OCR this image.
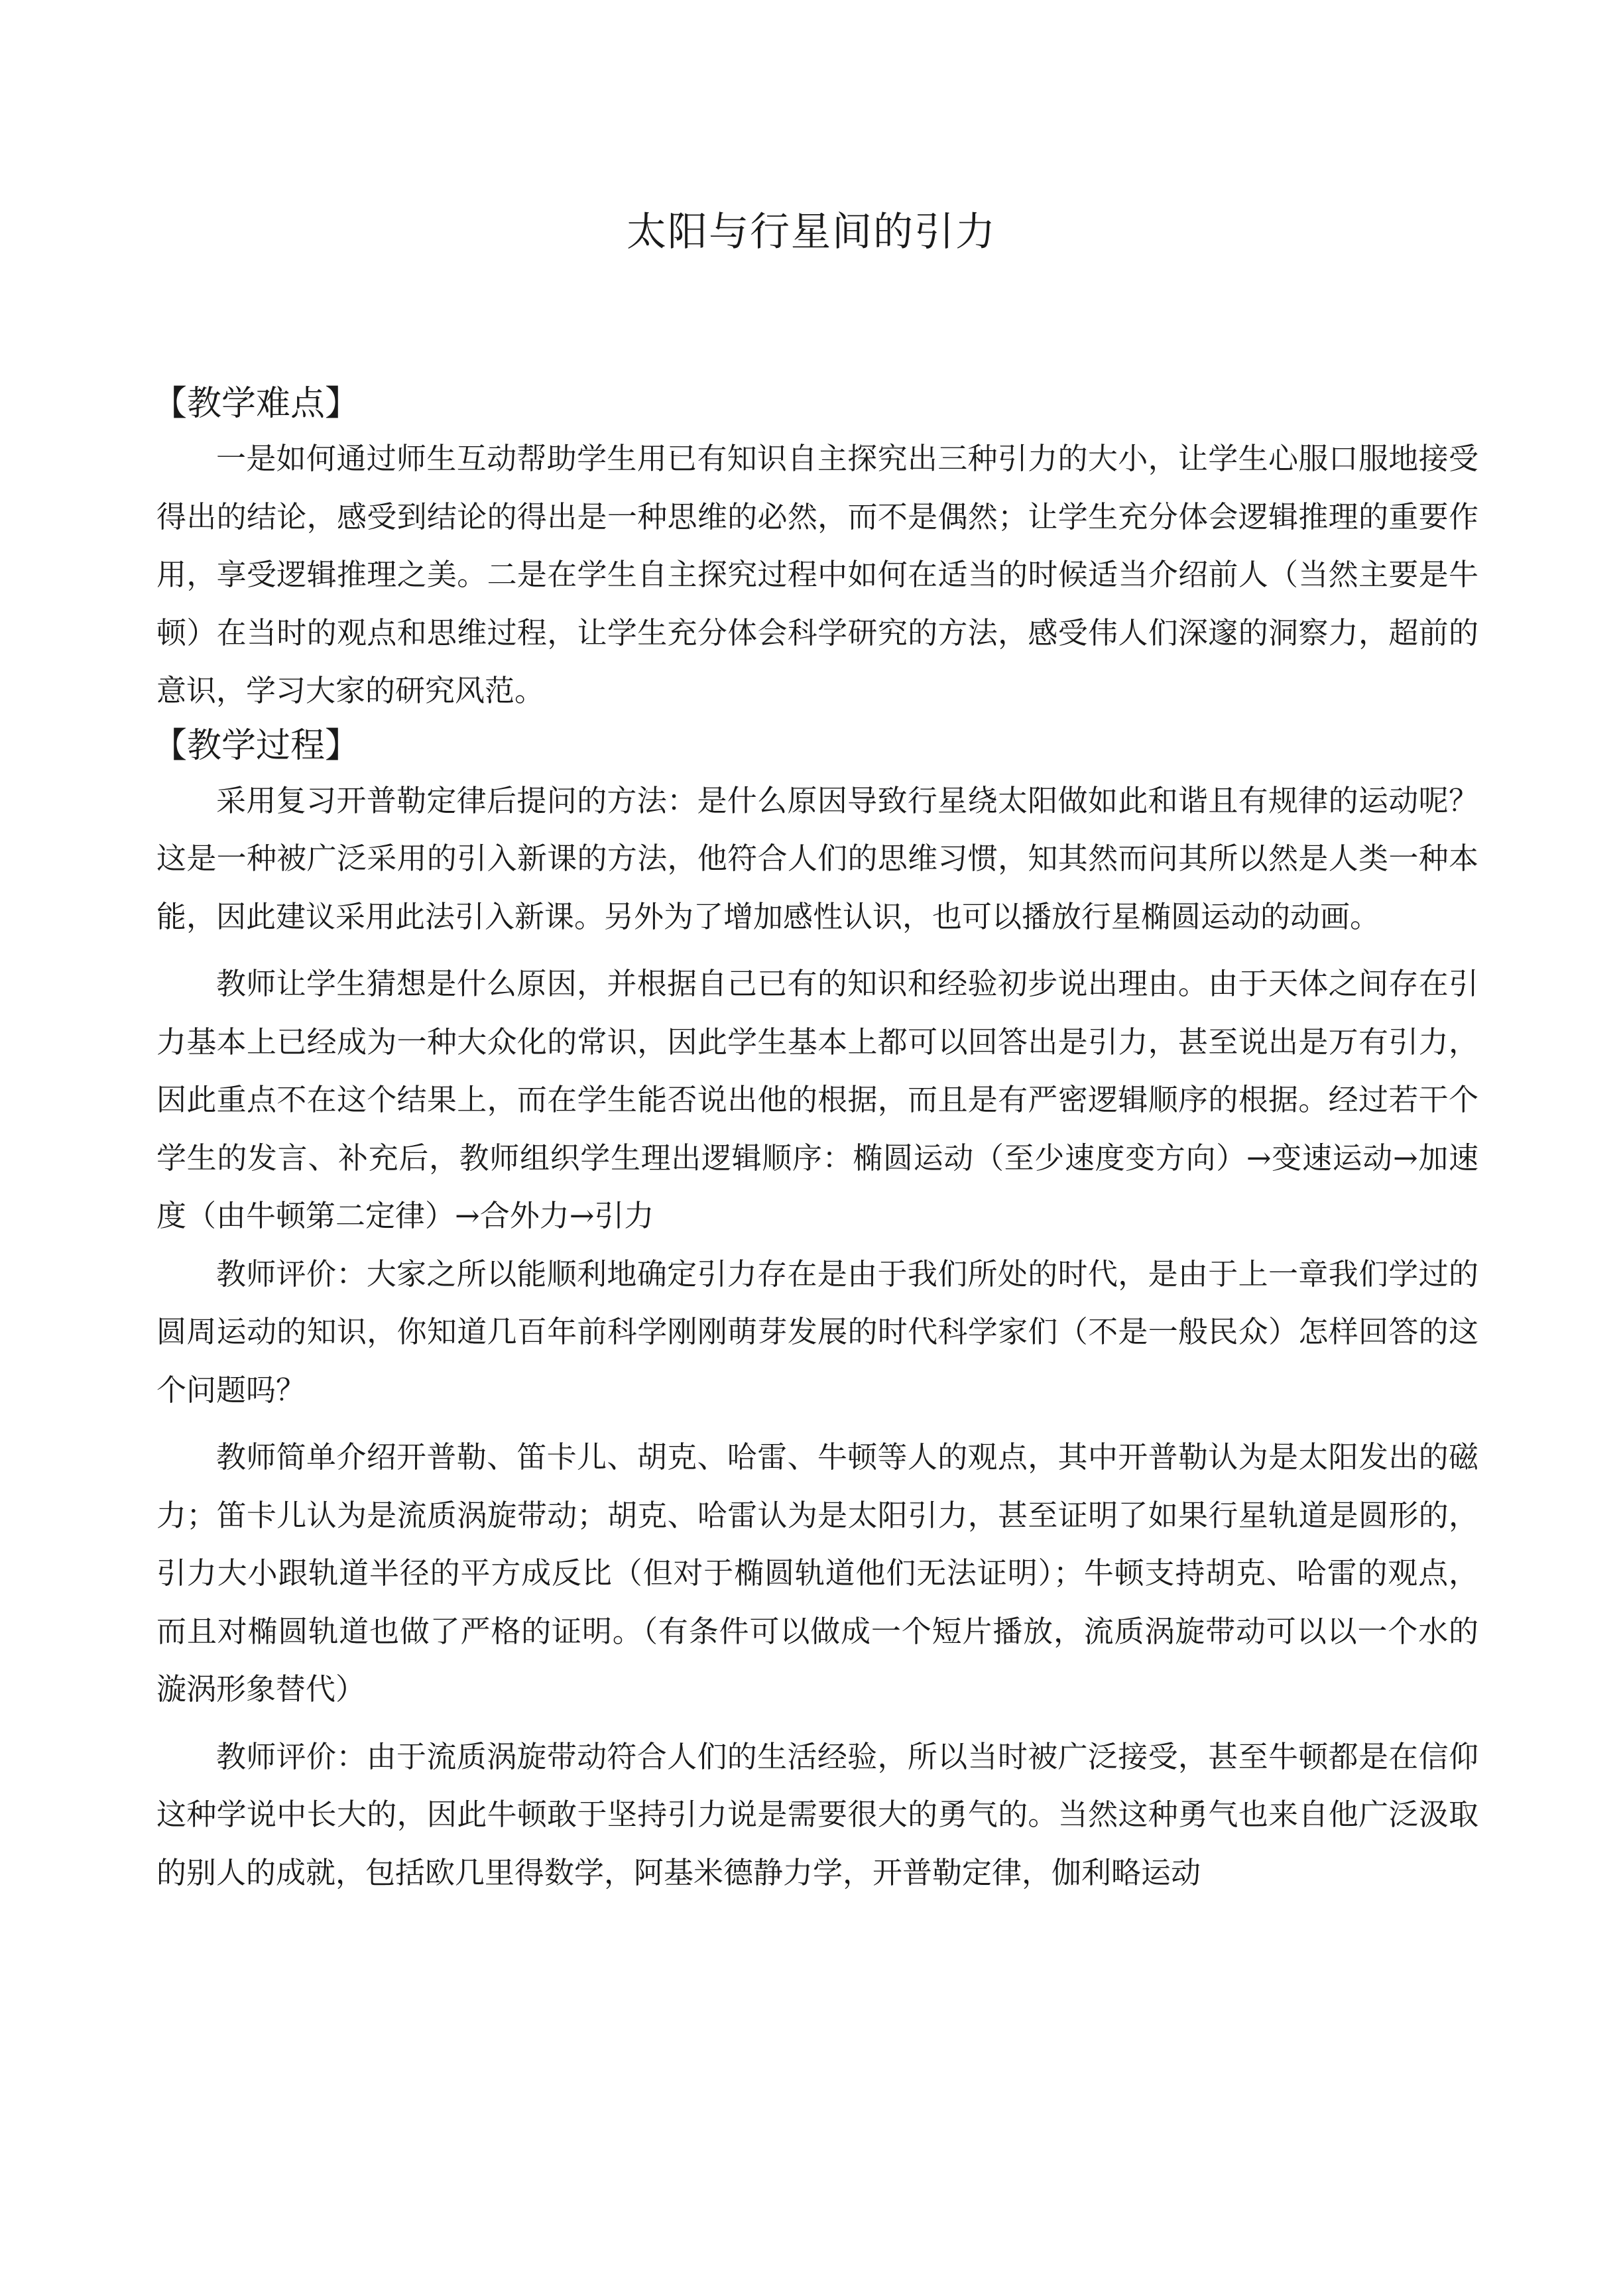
太阳与行星间的引力
【教学难点】

一是如何通过师生互动帮助学生用已有知识自主探究出三种引力的大小，让学生心服口服地接受得出的结论，感受到结论的得出是一种思维的必然，而不是偶然；让学生充分体会逻辑推理的重要作用，享受逻辑推理之美。二是在学生自主探究过程中如何在适当的时候适当介绍前人（当然主要是牛顿）在当时的观点和思维过程，让学生充分体会科学研究的方法，感受伟人们深邃的洞察力，超前的意识，学习大家的研究风范。

【教学过程】

采用复习开普勒定律后提问的方法：是什么原因导致行星绕太阳做如此和谐且有规律的运动呢？这是一种被广泛采用的引入新课的方法，他符合人们的思维习惯，知其然而问其所以然是人类一种本能，因此建议采用此法引入新课。另外为了增加感性认识，也可以播放行星椭圆运动的动画。

教师让学生猜想是什么原因，并根据自己已有的知识和经验初步说出理由。由于天体之间存在引力基本上已经成为一种大众化的常识，因此学生基本上都可以回答出是引力，甚至说出是万有引力，因此重点不在这个结果上，而在学生能否说出他的根据，而且是有严密逻辑顺序的根据。经过若干个学生的发言、补充后，教师组织学生理出逻辑顺序：椭圆运动（至少速度变方向）→变速运动→加速度（由牛顿第二定律）→合外力→引力

教师评价：大家之所以能顺利地确定引力存在是由于我们所处的时代，是由于上一章我们学过的圆周运动的知识，你知道几百年前科学刚刚萌芽发展的时代科学家们（不是一般民众）怎样回答的这个问题吗？

教师简单介绍开普勒、笛卡儿、胡克、哈雷、牛顿等人的观点，其中开普勒认为是太阳发出的磁力；笛卡儿认为是流质涡旋带动；胡克、哈雷认为是太阳引力，甚至证明了如果行星轨道是圆形的，引力大小跟轨道半径的平方成反比（但对于椭圆轨道他们无法证明）；牛顿支持胡克、哈雷的观点，而且对椭圆轨道也做了严格的证明。（有条件可以做成一个短片播放，流质涡旋带动可以以一个水的漩涡形象替代）

教师评价：由于流质涡旋带动符合人们的生活经验，所以当时被广泛接受，甚至牛顿都是在信仰这种学说中长大的，因此牛顿敢于坚持引力说是需要很大的勇气的。当然这种勇气也来自他广泛汲取的别人的成就，包括欧几里得数学，阿基米德静力学，开普勒定律，伽利略运动
